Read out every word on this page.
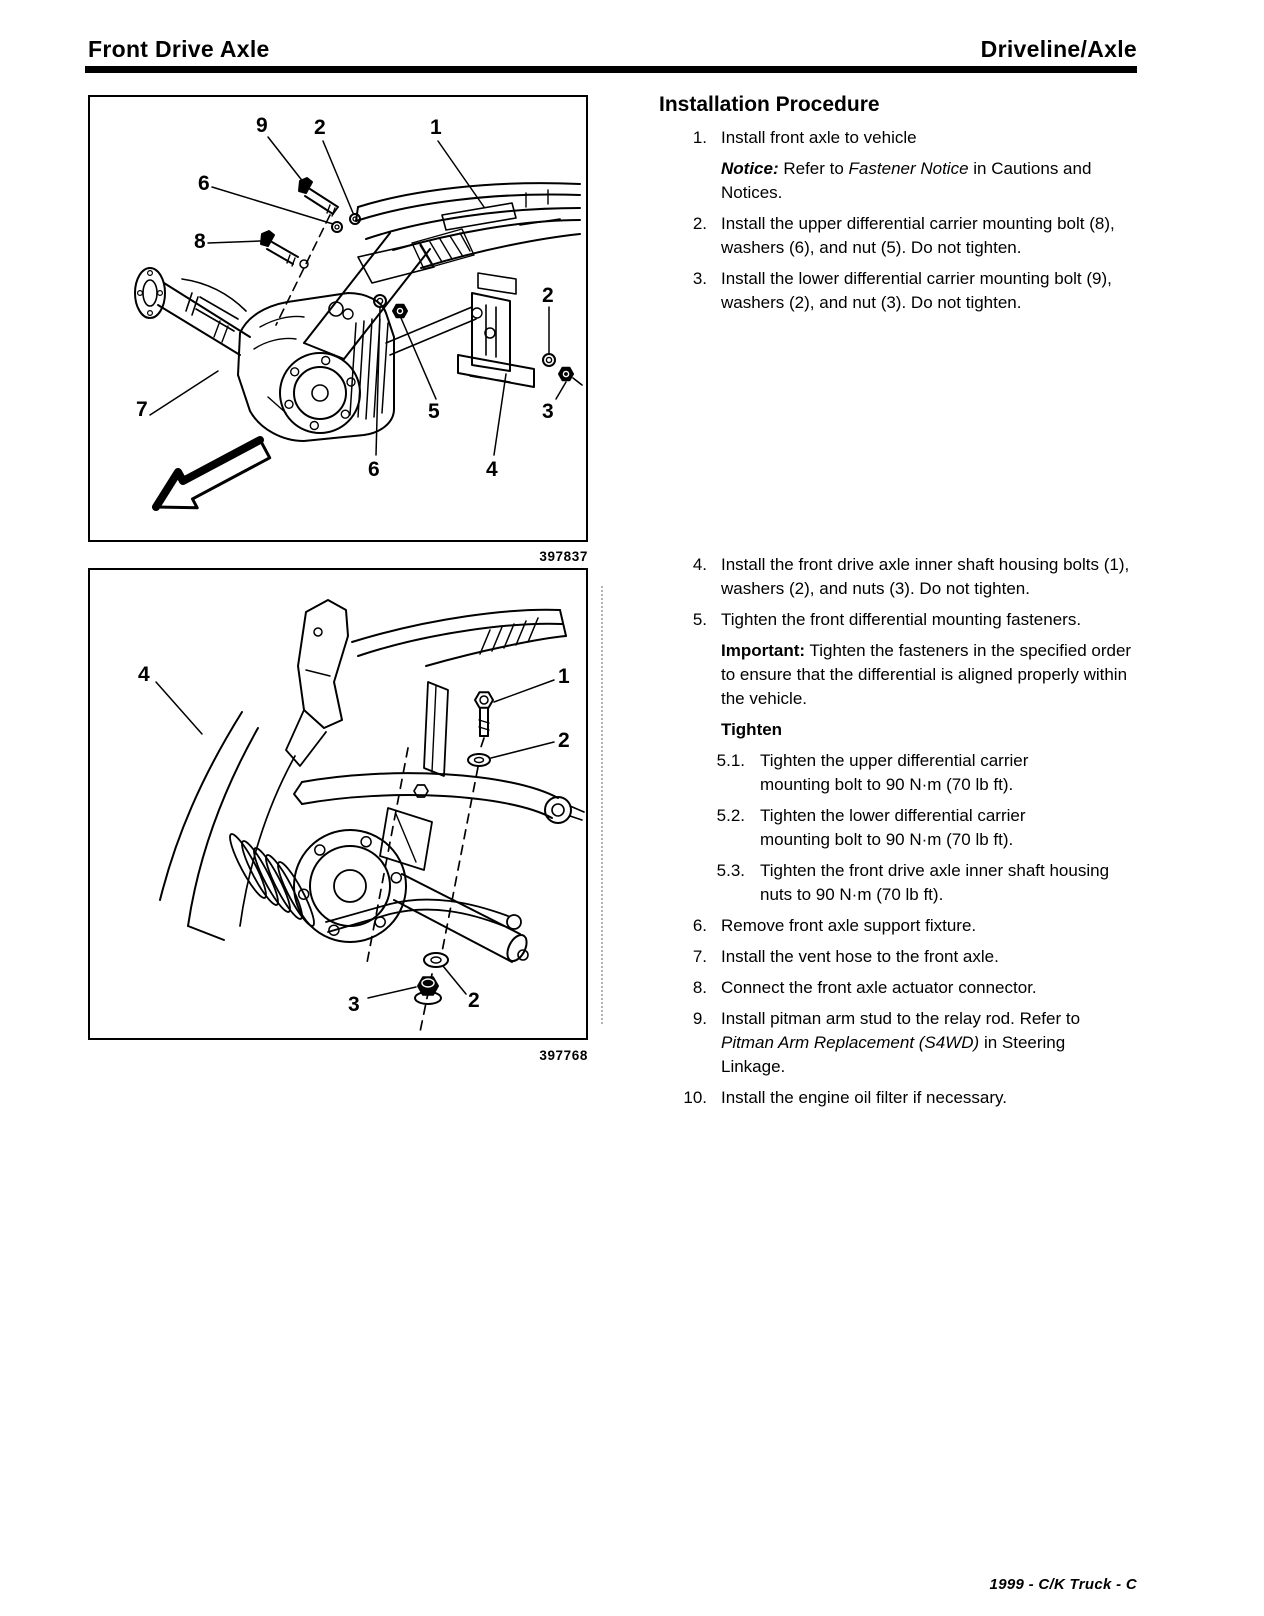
Front Drive Axle	Driveline/Axle
9 2	1
6
8
2
7	5	3
6	4
397837
4	1
2
3	2
397768
Installation Procedure
1. Install front axle to vehicle
Notice: Refer to Fastener Notice in Cautions and Notices.
2. Install the upper differential carrier mounting bolt (8), washers (6), and nut (5). Do not tighten.
3. Install the lower differential carrier mounting bolt (9), washers (2), and nut (3). Do not tighten.
4. Install the front drive axle inner shaft housing bolts (1), washers (2), and nuts (3). Do not tighten.
5. Tighten the front differential mounting fasteners.
Important: Tighten the fasteners in the specified order to ensure that the differential is aligned properly within the vehicle.
Tighten
5.1. Tighten the upper differential carrier mounting bolt to 90 N·m (70 lb ft).
5.2. Tighten the lower differential carrier mounting bolt to 90 N·m (70 lb ft).
5.3. Tighten the front drive axle inner shaft housing nuts to 90 N·m (70 lb ft).
6. Remove front axle support fixture.
7. Install the vent hose to the front axle.
8. Connect the front axle actuator connector.
9. Install pitman arm stud to the relay rod. Refer to Pitman Arm Replacement (S4WD) in Steering Linkage.
10. Install the engine oil filter if necessary.
1999 - C/K Truck - C
